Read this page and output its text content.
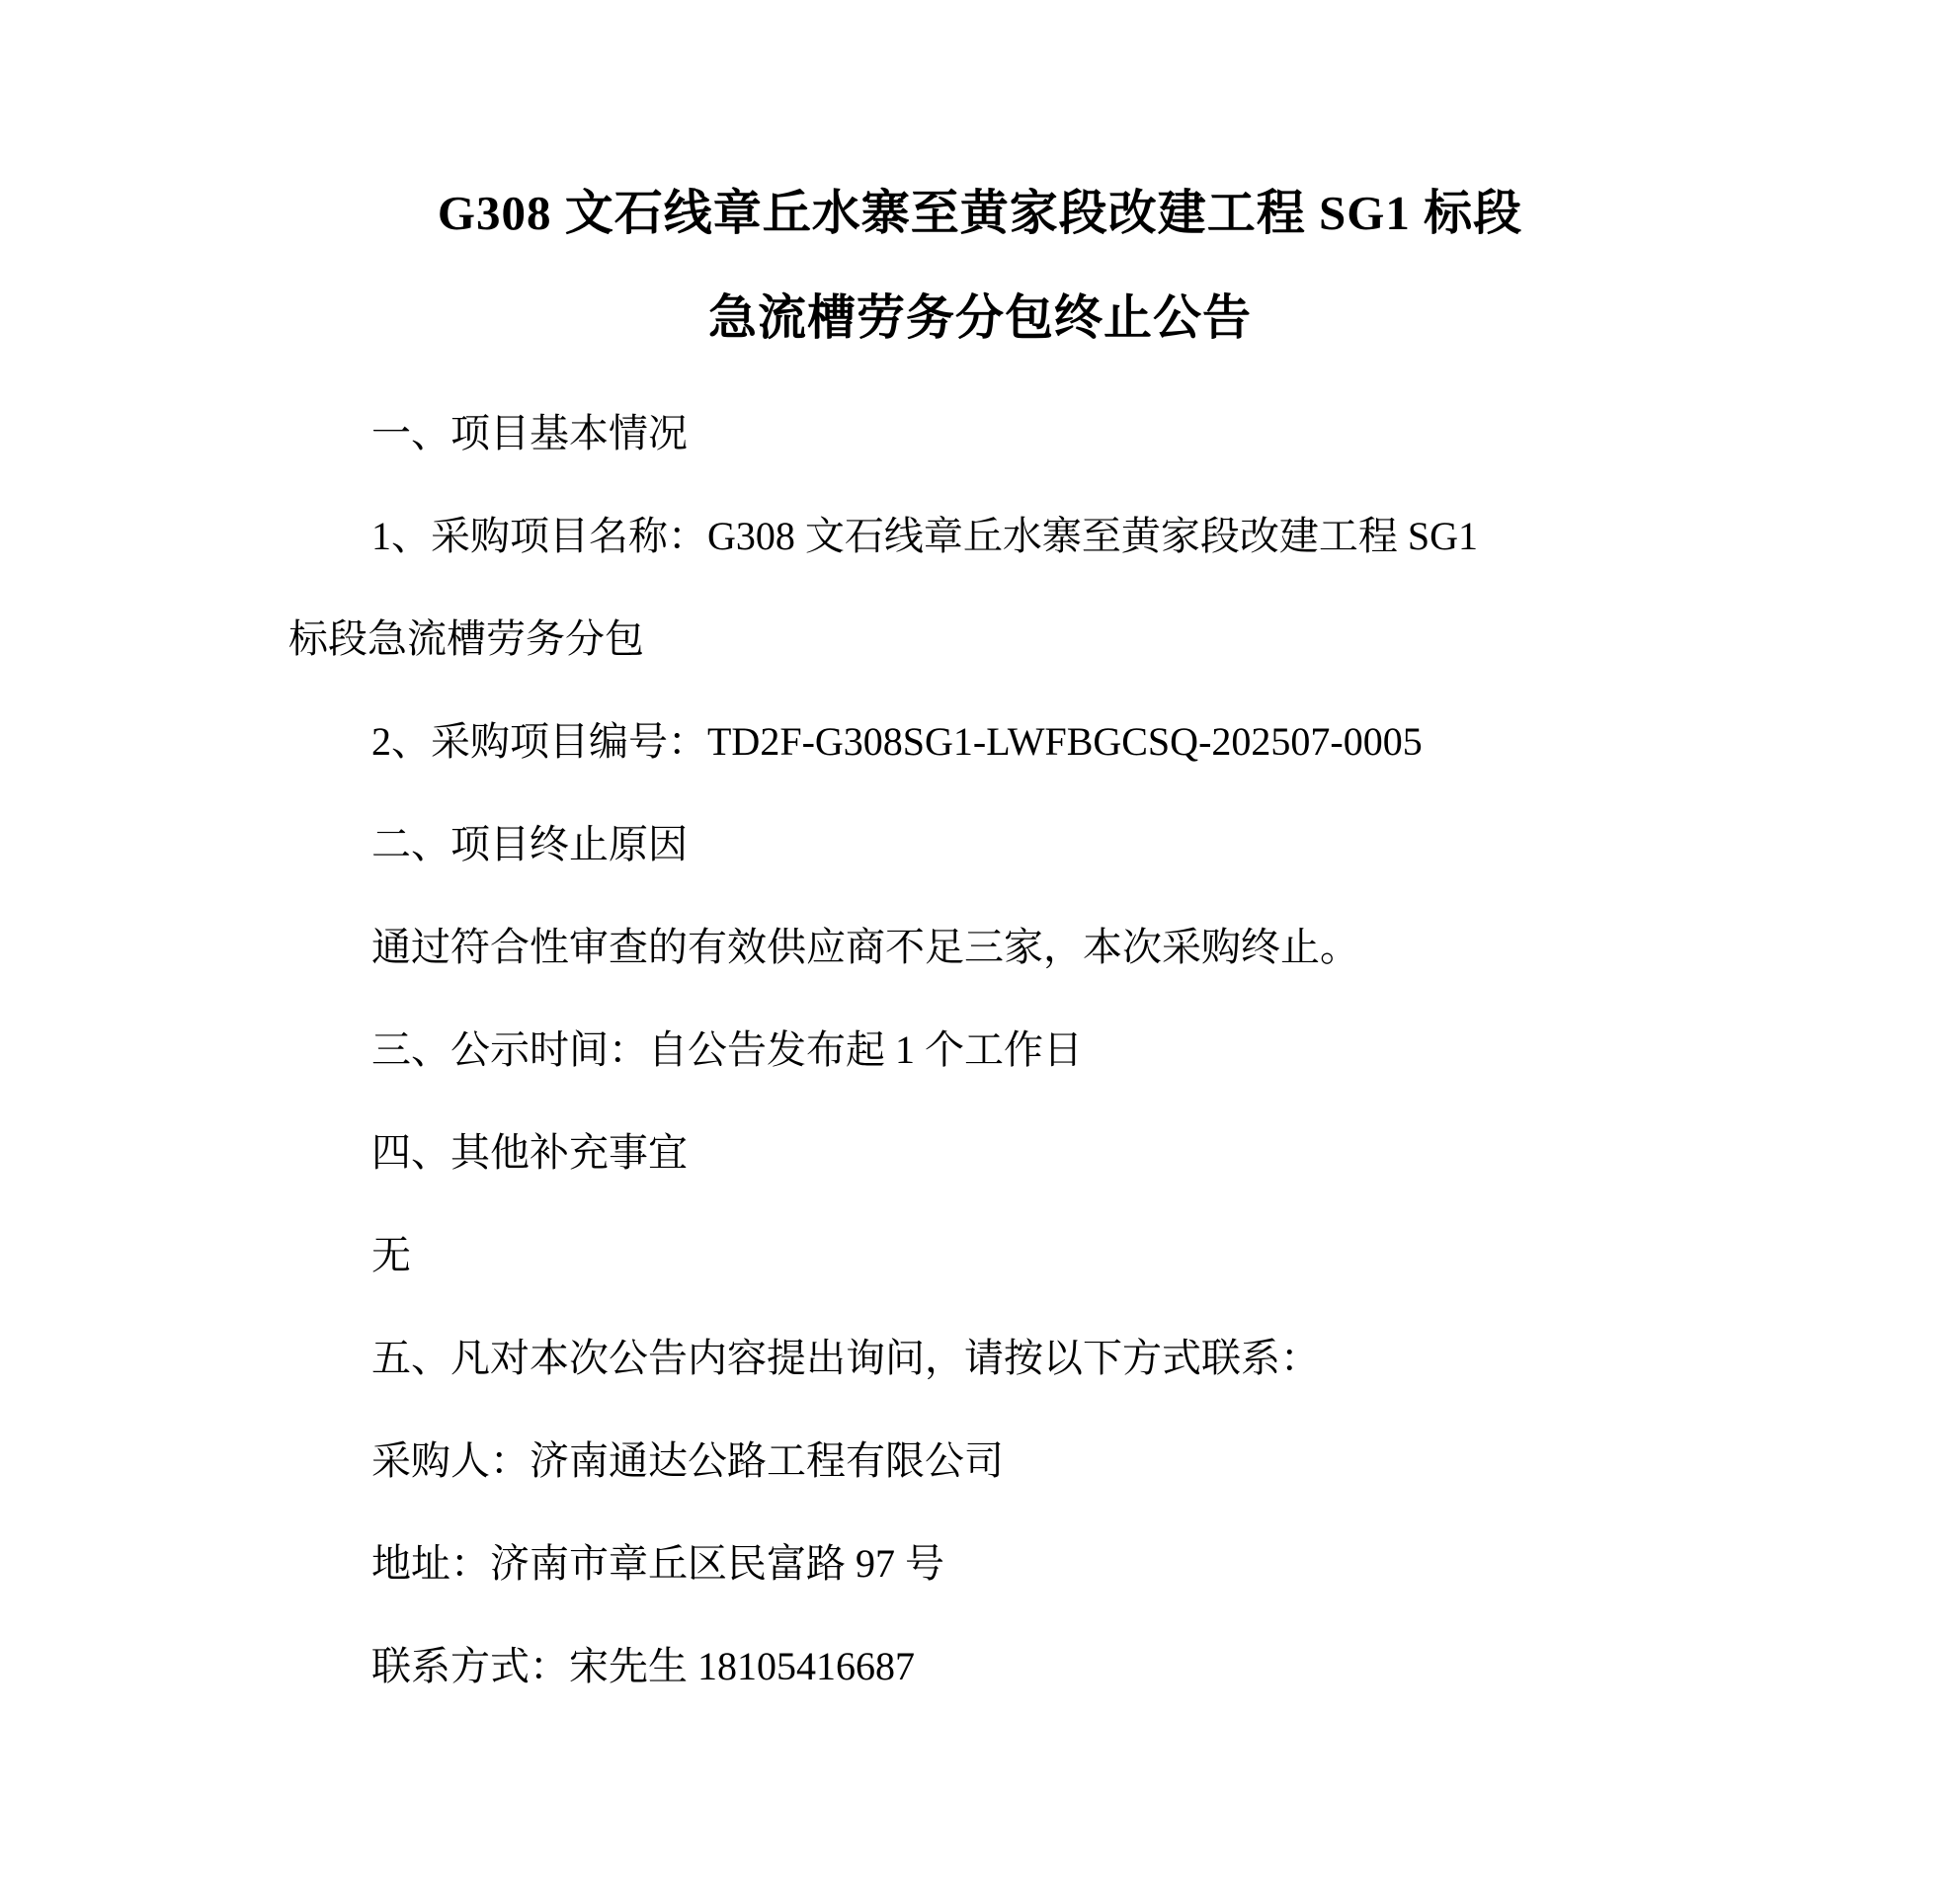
G308 文石线章丘水寨至黄家段改建工程 SG1 标段
急流槽劳务分包终止公告

一、项目基本情况

1、采购项目名称：G308 文石线章丘水寨至黄家段改建工程 SG1

标段急流槽劳务分包

2、采购项目编号：TD2F-G308SG1-LWFBGCSQ-202507-0005

二、项目终止原因

通过符合性审查的有效供应商不足三家，本次采购终止。

三、公示时间：自公告发布起 1 个工作日

四、其他补充事宜

无

五、凡对本次公告内容提出询问，请按以下方式联系：

采购人：济南通达公路工程有限公司

地址：济南市章丘区民富路 97 号

联系方式：宋先生 18105416687
